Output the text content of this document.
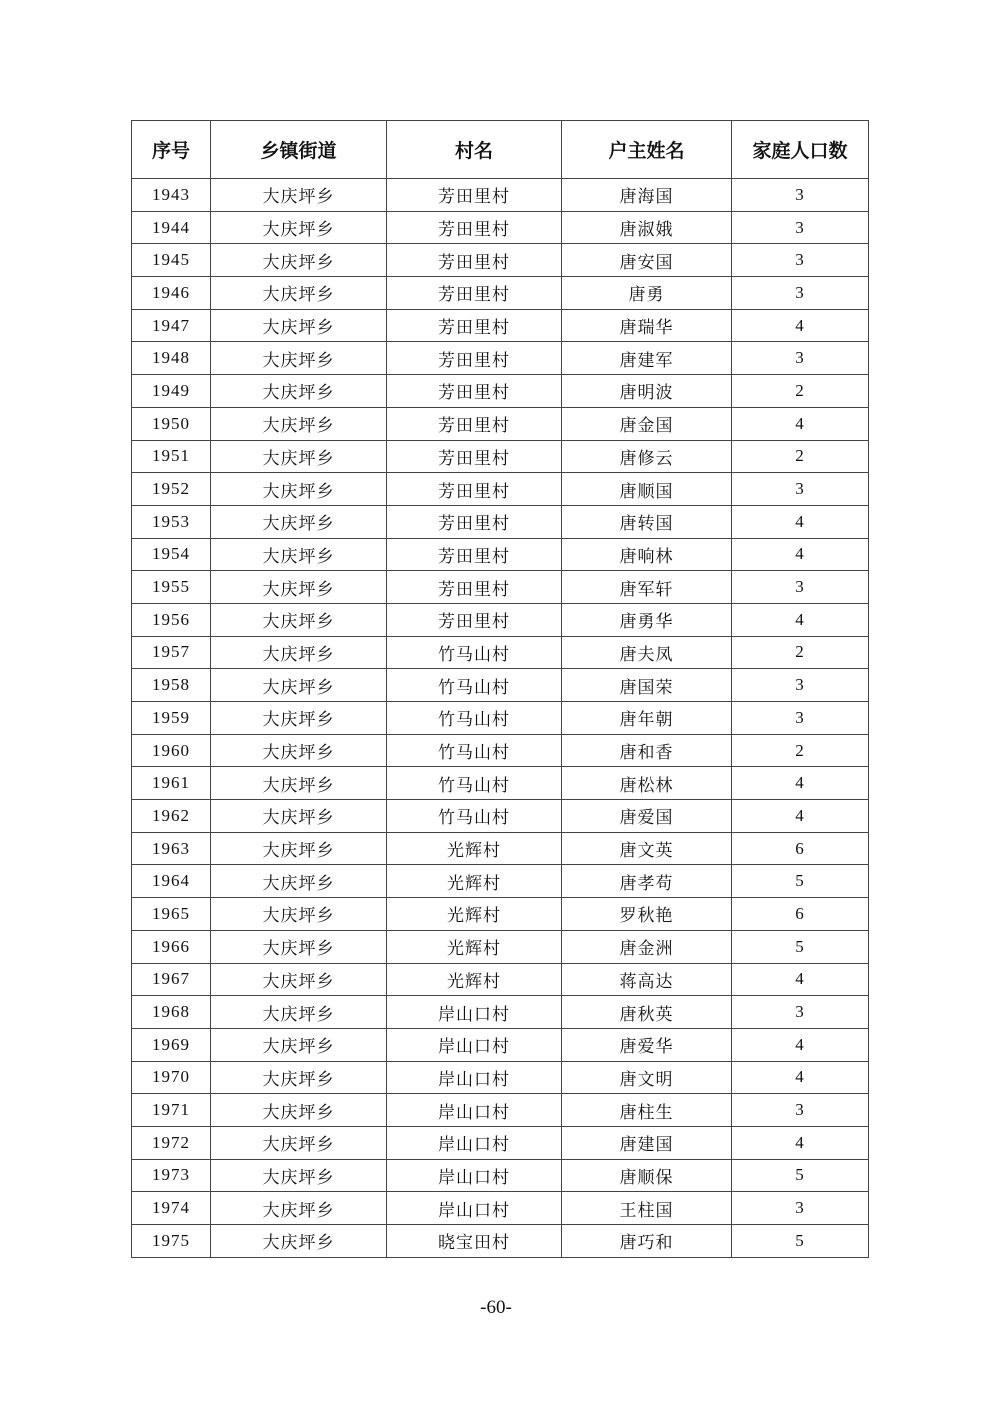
序号	乡镇街道	村名	户主姓名	家庭人口数
1943	大庆坪乡	芳田里村	唐海国	3
1944	大庆坪乡	芳田里村	唐淑娥	3
1945	大庆坪乡	芳田里村	唐安国	3
1946	大庆坪乡	芳田里村	唐勇	3
1947	大庆坪乡	芳田里村	唐瑞华	4
1948	大庆坪乡	芳田里村	唐建军	3
1949	大庆坪乡	芳田里村	唐明波	2
1950	大庆坪乡	芳田里村	唐金国	4
1951	大庆坪乡	芳田里村	唐修云	2
1952	大庆坪乡	芳田里村	唐顺国	3
1953	大庆坪乡	芳田里村	唐转国	4
1954	大庆坪乡	芳田里村	唐响林	4
1955	大庆坪乡	芳田里村	唐军轩	3
1956	大庆坪乡	芳田里村	唐勇华	4
1957	大庆坪乡	竹马山村	唐夫凤	2
1958	大庆坪乡	竹马山村	唐国荣	3
1959	大庆坪乡	竹马山村	唐年朝	3
1960	大庆坪乡	竹马山村	唐和香	2
1961	大庆坪乡	竹马山村	唐松林	4
1962	大庆坪乡	竹马山村	唐爱国	4
1963	大庆坪乡	光辉村	唐文英	6
1964	大庆坪乡	光辉村	唐孝苟	5
1965	大庆坪乡	光辉村	罗秋艳	6
1966	大庆坪乡	光辉村	唐金洲	5
1967	大庆坪乡	光辉村	蒋高达	4
1968	大庆坪乡	岸山口村	唐秋英	3
1969	大庆坪乡	岸山口村	唐爱华	4
1970	大庆坪乡	岸山口村	唐文明	4
1971	大庆坪乡	岸山口村	唐柱生	3
1972	大庆坪乡	岸山口村	唐建国	4
1973	大庆坪乡	岸山口村	唐顺保	5
1974	大庆坪乡	岸山口村	王柱国	3
1975	大庆坪乡	晓宝田村	唐巧和	5
-60-
